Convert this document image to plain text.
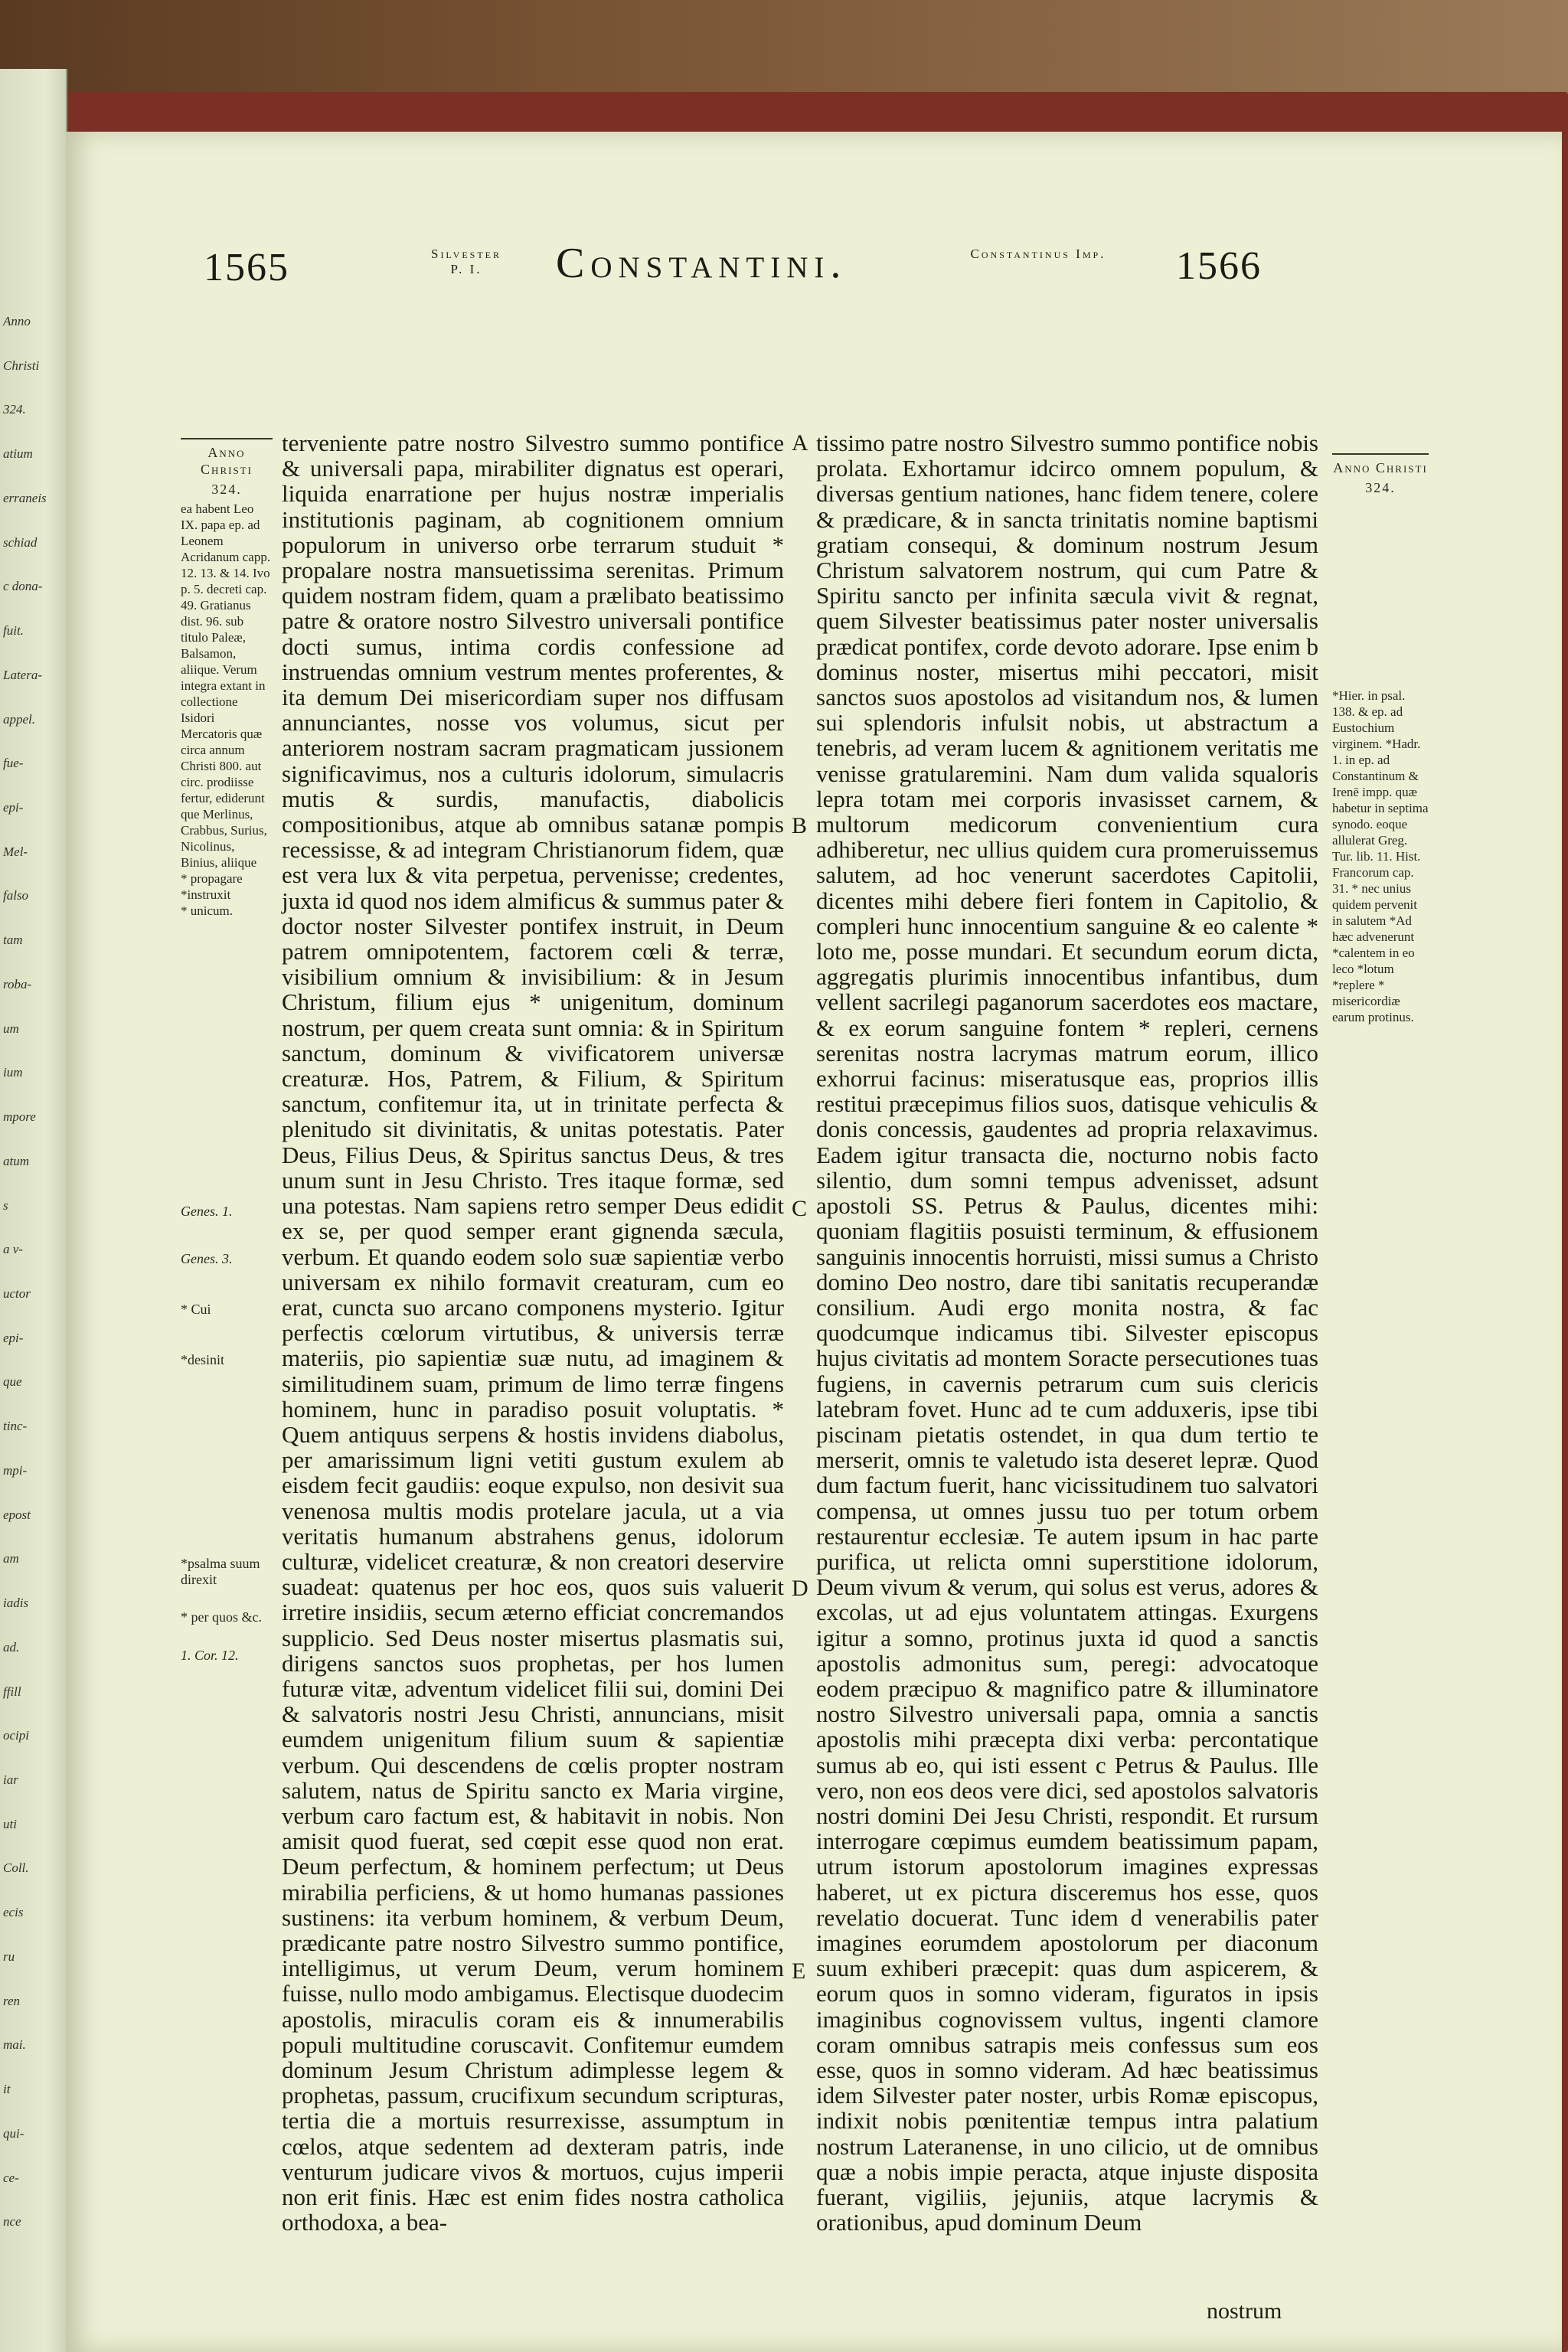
Anno
Christi
324.
atium
erraneis
schiad
c dona-
fuit.
Latera-
appel.
fue-
epi-
Mel-
falso
tam
roba-
um
ium
mpore
atum
s
a v-
uctor
epi-
que
tinc-
mpi-
epost
am
iadis
ad.
ffill
ocipi
iar
uti
Coll.
ecis
ru
ren
mai.
it
qui-
ce-
nce
1565	Silvester P. I.	Constantini.	Constantinus Imp. 1566
Anno Christi
324.
ea habent Leo IX. papa ep. ad Leonem Acridanum capp. 12. 13. & 14. Ivo p. 5. decreti cap. 49. Gratianus dist. 96. sub titulo Paleæ, Balsamon, aliique. Verum integra extant in collectione Isidori Mercatoris quæ circa annum Christi 800. aut circ. prodiisse fertur, ediderunt que Merlinus, Crabbus, Surius, Nicolinus, Binius, aliique
* propagare
*instruxit
* unicum.
Genes. 1.
Genes. 3.
* Cui
*desinit
*psalma suum direxit
* per quos &c.
1. Cor. 12.

terveniente patre nostro Silvestro summo pontifice & universali papa, mirabiliter dignatus est operari, liquida enarratione per hujus nostræ imperialis institutionis paginam, ab cognitionem omnium populorum in universo orbe terrarum studuit * propalare nostra mansuetissima serenitas. Primum quidem nostram fidem, quam a prælibato beatissimo patre & oratore nostro Silvestro universali pontifice docti sumus, intima cordis confessione ad instruendas omnium vestrum mentes proferentes, & ita demum Dei misericordiam super nos diffusam annunciantes, nosse vos volumus, sicut per anteriorem nostram sacram pragmaticam jussionem significavimus, nos a culturis idolorum, simulacris mutis & surdis, manufactis, diabolicis compositionibus, atque ab omnibus satanæ pompis recessisse, & ad integram Christianorum fidem, quæ est vera lux & vita perpetua, pervenisse; credentes, juxta id quod nos idem almificus & summus pater & doctor noster Silvester pontifex instruit, in Deum patrem omnipotentem, factorem cœli & terræ, visibilium omnium & invisibilium: & in Jesum Christum, filium ejus * unigenitum, dominum nostrum, per quem creata sunt omnia: & in Spiritum sanctum, dominum & vivificatorem universæ creaturæ. Hos, Patrem, & Filium, & Spiritum sanctum, confitemur ita, ut in trinitate perfecta & plenitudo sit divinitatis, & unitas potestatis. Pater Deus, Filius Deus, & Spiritus sanctus Deus, & tres unum sunt in Jesu Christo. Tres itaque formæ, sed una potestas. Nam sapiens retro semper Deus edidit ex se, per quod semper erant gignenda sæcula, verbum. Et quando eodem solo suæ sapientiæ verbo universam ex nihilo formavit creaturam, cum eo erat, cuncta suo arcano componens mysterio. Igitur perfectis cœlorum virtutibus, & universis terræ materiis, pio sapientiæ suæ nutu, ad imaginem & similitudinem suam, primum de limo terræ fingens hominem, hunc in paradiso posuit voluptatis. * Quem antiquus serpens & hostis invidens diabolus, per amarissimum ligni vetiti gustum exulem ab eisdem fecit gaudiis: eoque expulso, non desivit sua venenosa multis modis protelare jacula, ut a via veritatis humanum abstrahens genus, idolorum culturæ, videlicet creaturæ, & non creatori deservire suadeat: quatenus per hoc eos, quos suis valuerit irretire insidiis, secum æterno efficiat concremandos supplicio. Sed Deus noster misertus plasmatis sui, dirigens sanctos suos prophetas, per hos lumen futuræ vitæ, adventum videlicet filii sui, domini Dei & salvatoris nostri Jesu Christi, annuncians, misit eumdem unigenitum filium suum & sapientiæ verbum. Qui descendens de cœlis propter nostram salutem, natus de Spiritu sancto ex Maria virgine, verbum caro factum est, & habitavit in nobis. Non amisit quod fuerat, sed cœpit esse quod non erat. Deum perfectum, & hominem perfectum; ut Deus mirabilia perficiens, & ut homo humanas passiones sustinens: ita verbum hominem, & verbum Deum, prædicante patre nostro Silvestro summo pontifice, intelligimus, ut verum Deum, verum hominem fuisse, nullo modo ambigamus. Electisque duodecim apostolis, miraculis coram eis & innumerabilis populi multitudine coruscavit. Confitemur eumdem dominum Jesum Christum adimplesse legem & prophetas, passum, crucifixum secundum scripturas, tertia die a mortuis resurrexisse, assumptum in cœlos, atque sedentem ad dexteram patris, inde venturum judicare vivos & mortuos, cujus imperii non erit finis. Hæc est enim fides nostra catholica orthodoxa, a bea-

A
B
C
D
E

tissimo patre nostro Silvestro summo pontifice nobis prolata. Exhortamur idcirco omnem populum, & diversas gentium nationes, hanc fidem tenere, colere & prædicare, & in sancta trinitatis nomine baptismi gratiam consequi, & dominum nostrum Jesum Christum salvatorem nostrum, qui cum Patre & Spiritu sancto per infinita sæcula vivit & regnat, quem Silvester beatissimus pater noster universalis prædicat pontifex, corde devoto adorare. Ipse enim b dominus noster, misertus mihi peccatori, misit sanctos suos apostolos ad visitandum nos, & lumen sui splendoris infulsit nobis, ut abstractum a tenebris, ad veram lucem & agnitionem veritatis me venisse gratularemini. Nam dum valida squaloris lepra totam mei corporis invasisset carnem, & multorum medicorum convenientium cura adhiberetur, nec ullius quidem cura promeruissemus salutem, ad hoc venerunt sacerdotes Capitolii, dicentes mihi debere fieri fontem in Capitolio, & compleri hunc innocentium sanguine & eo calente * loto me, posse mundari. Et secundum eorum dicta, aggregatis plurimis innocentibus infantibus, dum vellent sacrilegi paganorum sacerdotes eos mactare, & ex eorum sanguine fontem * repleri, cernens serenitas nostra lacrymas matrum eorum, illico exhorrui facinus: miseratusque eas, proprios illis restitui præcepimus filios suos, datisque vehiculis & donis concessis, gaudentes ad propria relaxavimus. Eadem igitur transacta die, nocturno nobis facto silentio, dum somni tempus advenisset, adsunt apostoli SS. Petrus & Paulus, dicentes mihi: quoniam flagitiis posuisti terminum, & effusionem sanguinis innocentis horruisti, missi sumus a Christo domino Deo nostro, dare tibi sanitatis recuperandæ consilium. Audi ergo monita nostra, & fac quodcumque indicamus tibi. Silvester episcopus hujus civitatis ad montem Soracte persecutiones tuas fugiens, in cavernis petrarum cum suis clericis latebram fovet. Hunc ad te cum adduxeris, ipse tibi piscinam pietatis ostendet, in qua dum tertio te merserit, omnis te valetudo ista deseret lepræ. Quod dum factum fuerit, hanc vicissitudinem tuo salvatori compensa, ut omnes jussu tuo per totum orbem restaurentur ecclesiæ. Te autem ipsum in hac parte purifica, ut relicta omni superstitione idolorum, Deum vivum & verum, qui solus est verus, adores & excolas, ut ad ejus voluntatem attingas. Exurgens igitur a somno, protinus juxta id quod a sanctis apostolis admonitus sum, peregi: advocatoque eodem præcipuo & magnifico patre & illuminatore nostro Silvestro universali papa, omnia a sanctis apostolis mihi præcepta dixi verba: percontatique sumus ab eo, qui isti essent c Petrus & Paulus. Ille vero, non eos deos vere dici, sed apostolos salvatoris nostri domini Dei Jesu Christi, respondit. Et rursum interrogare cœpimus eumdem beatissimum papam, utrum istorum apostolorum imagines expressas haberet, ut ex pictura disceremus hos esse, quos revelatio docuerat. Tunc idem d venerabilis pater imagines eorumdem apostolorum per diaconum suum exhiberi præcepit: quas dum aspicerem, & eorum quos in somno videram, figuratos in ipsis imaginibus cognovissem vultus, ingenti clamore coram omnibus satrapis meis confessus sum eos esse, quos in somno videram. Ad hæc beatissimus idem Silvester pater noster, urbis Romæ episcopus, indixit nobis pœnitentiæ tempus intra palatium nostrum Lateranense, in uno cilicio, ut de omnibus quæ a nobis impie peracta, atque injuste disposita fuerant, vigiliis, jejuniis, atque lacrymis & orationibus, apud dominum Deum

Anno Christi
324.
*Hier. in psal. 138. & ep. ad Eustochium virginem. *Hadr. 1. in ep. ad Constantinum & Irenē impp. quæ habetur in septima synodo. eoque allulerat Greg. Tur. lib. 11. Hist. Francorum cap. 31. * nec unius quidem pervenit in salutem *Ad hæc advenerunt *calentem in eo leco *lotum *replere * misericordiæ earum protinus.
nostrum
